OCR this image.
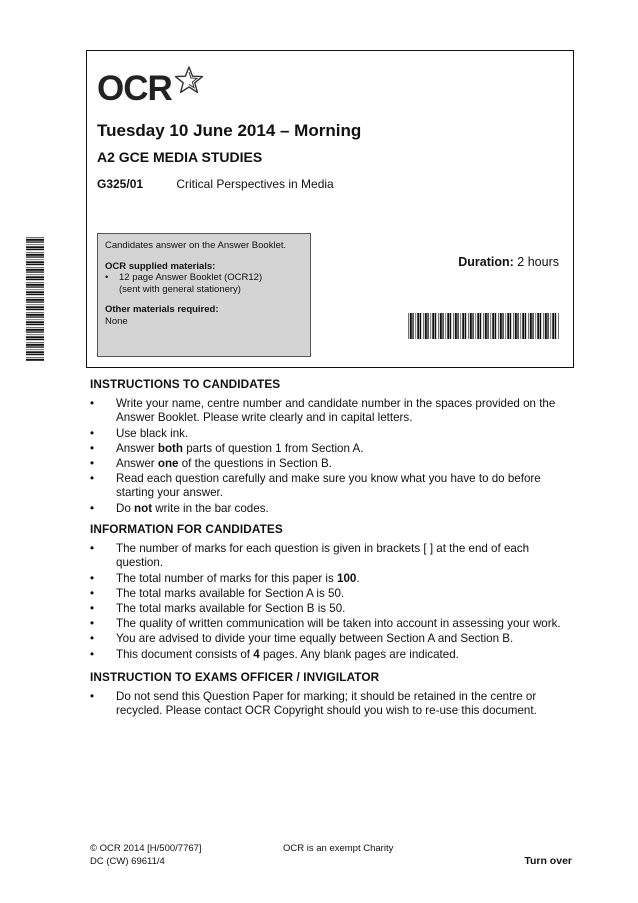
OCR
Tuesday 10 June 2014 – Morning
A2 GCE MEDIA STUDIES
G325/01	Critical Perspectives in Media
Candidates answer on the Answer Booklet.
OCR supplied materials:
• 12 page Answer Booklet (OCR12)
(sent with general stationery)
Other materials required:
None
Duration: 2 hours
INSTRUCTIONS TO CANDIDATES
• Write your name, centre number and candidate number in the spaces provided on the Answer Booklet. Please write clearly and in capital letters.
• Use black ink.
• Answer both parts of question 1 from Section A.
• Answer one of the questions in Section B.
• Read each question carefully and make sure you know what you have to do before starting your answer.
• Do not write in the bar codes.
INFORMATION FOR CANDIDATES
• The number of marks for each question is given in brackets [ ] at the end of each question.
• The total number of marks for this paper is 100.
• The total marks available for Section A is 50.
• The total marks available for Section B is 50.
• The quality of written communication will be taken into account in assessing your work.
• You are advised to divide your time equally between Section A and Section B.
• This document consists of 4 pages. Any blank pages are indicated.
INSTRUCTION TO EXAMS OFFICER / INVIGILATOR
• Do not send this Question Paper for marking; it should be retained in the centre or recycled. Please contact OCR Copyright should you wish to re-use this document.
© OCR 2014 [H/500/7767]
DC (CW) 69611/4
OCR is an exempt Charity
Turn over
